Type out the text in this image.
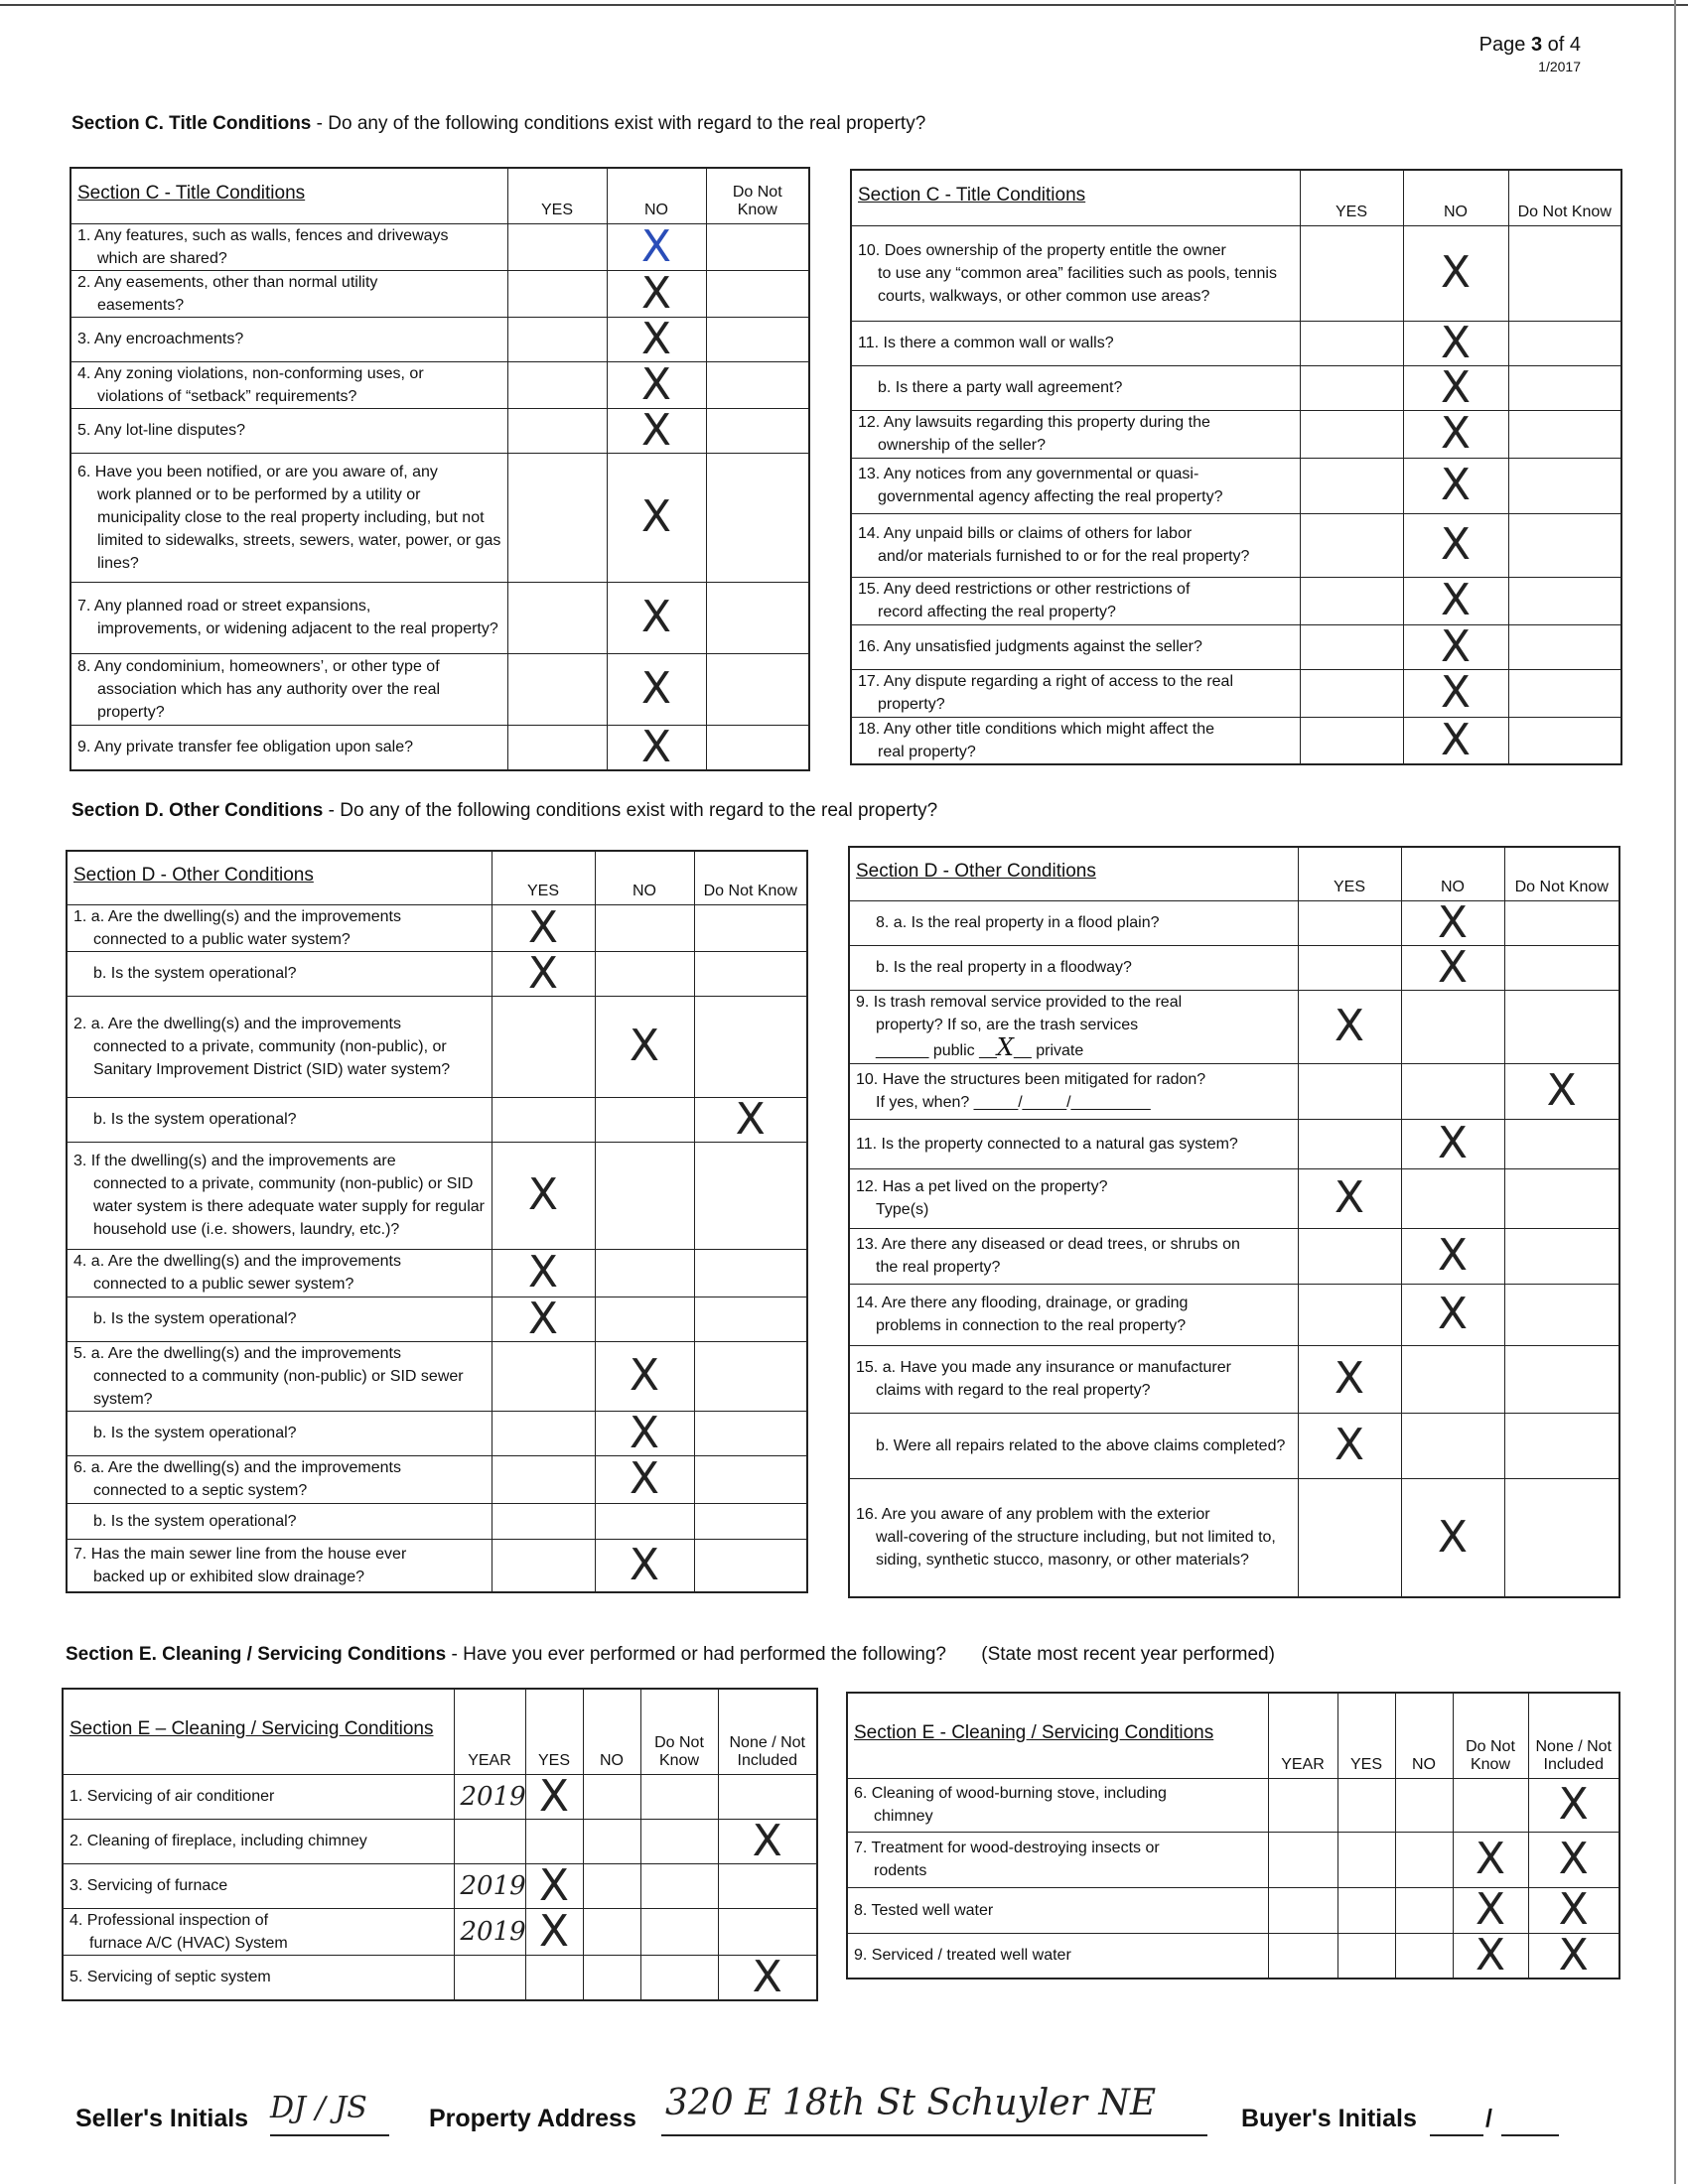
Page 3 of 4
1/2017
Section C. Title Conditions - Do any of the following conditions exist with regard to the real property?
Section C - Title Conditions	YES	NO	Do Not Know
1. Any features, such as walls, fences and driveways
which are shared?		X	
2. Any easements, other than normal utility
easements?		X	
3. Any encroachments?		X	
4. Any zoning violations, non-conforming uses, or
violations of “setback” requirements?		X	
5. Any lot-line disputes?		X	
6. Have you been notified, or are you aware of, any
work planned or to be performed by a utility or municipality close to the real property including, but not limited to sidewalks, streets, sewers, water, power, or gas lines?		X	
7. Any planned road or street expansions,
improvements, or widening adjacent to the real property?		X	
8. Any condominium, homeowners’, or other type of
association which has any authority over the real property?		X	
9. Any private transfer fee obligation upon sale?		X	
Section C - Title Conditions	YES	NO	Do Not Know
10. Does ownership of the property entitle the owner
to use any “common area” facilities such as pools, tennis courts, walkways, or other common use areas?		X	
11. Is there a common wall or walls?		X	

b. Is there a party wall agreement?		X	
12. Any lawsuits regarding this property during the
ownership of the seller?		X	
13. Any notices from any governmental or quasi-
governmental agency affecting the real property?		X	
14. Any unpaid bills or claims of others for labor
and/or materials furnished to or for the real property?		X	
15. Any deed restrictions or other restrictions of
record affecting the real property?		X	
16. Any unsatisfied judgments against the seller?		X	
17. Any dispute regarding a right of access to the real
property?		X	
18. Any other title conditions which might affect the
real property?		X	
Section D. Other Conditions - Do any of the following conditions exist with regard to the real property?
Section D - Other Conditions	YES	NO	Do Not Know
1. a. Are the dwelling(s) and the improvements
connected to a public water system?	X		

b. Is the system operational?	X		
2. a. Are the dwelling(s) and the improvements
connected to a private, community (non-public), or Sanitary Improvement District (SID) water system?		X	

b. Is the system operational?			X
3. If the dwelling(s) and the improvements are
connected to a private, community (non-public) or SID water system is there adequate water supply for regular household use (i.e. showers, laundry, etc.)?	X		
4. a. Are the dwelling(s) and the improvements
connected to a public sewer system?	X		

b. Is the system operational?	X		
5. a. Are the dwelling(s) and the improvements
connected to a community (non-public) or SID sewer system?		X	

b. Is the system operational?		X	
6. a. Are the dwelling(s) and the improvements
connected to a septic system?		X	

b. Is the system operational?			

7. Has the main sewer line from the house ever
backed up or exhibited slow drainage?		X	
Section D - Other Conditions	YES	NO	Do Not Know

8. a. Is the real property in a flood plain?		X	

b. Is the real property in a floodway?		X	
9. Is trash removal service provided to the real
property? If so, are the trash services
______ public __X__ private	X		
10. Have the structures been mitigated for radon?
If yes, when? _____/_____/_________			X
11. Is the property connected to a natural gas system?		X	
12. Has a pet lived on the property?
Type(s)	X		
13. Are there any diseased or dead trees, or shrubs on
the real property?		X	
14. Are there any flooding, drainage, or grading
problems in connection to the real property?		X	
15. a. Have you made any insurance or manufacturer
claims with regard to the real property?	X		

b. Were all repairs related to the above claims completed?	X		
16. Are you aware of any problem with the exterior
wall-covering of the structure including, but not limited to, siding, synthetic stucco, masonry, or other materials?		X	
Section E. Cleaning / Servicing Conditions - Have you ever performed or had performed the following? (State most recent year performed)
Section E – Cleaning / Servicing Conditions	YEAR	YES	NO	Do Not Know	None / Not Included
1. Servicing of air conditioner	2019	X			
2. Cleaning of fireplace, including chimney					X
3. Servicing of furnace	2019	X			
4. Professional inspection of
furnace A/C (HVAC) System	2019	X			
5. Servicing of septic system					X
Section E - Cleaning / Servicing Conditions	YEAR	YES	NO	Do Not Know	None / Not Included
6. Cleaning of wood-burning stove, including
chimney					X
7. Treatment for wood-destroying insects or
rodents				X	X
8. Tested well water				X	X
9. Serviced / treated well water				X	X
Seller's Initials DJ / JS Property Address 320 E 18th St Schuyler NE	Buyer's Initials	/
